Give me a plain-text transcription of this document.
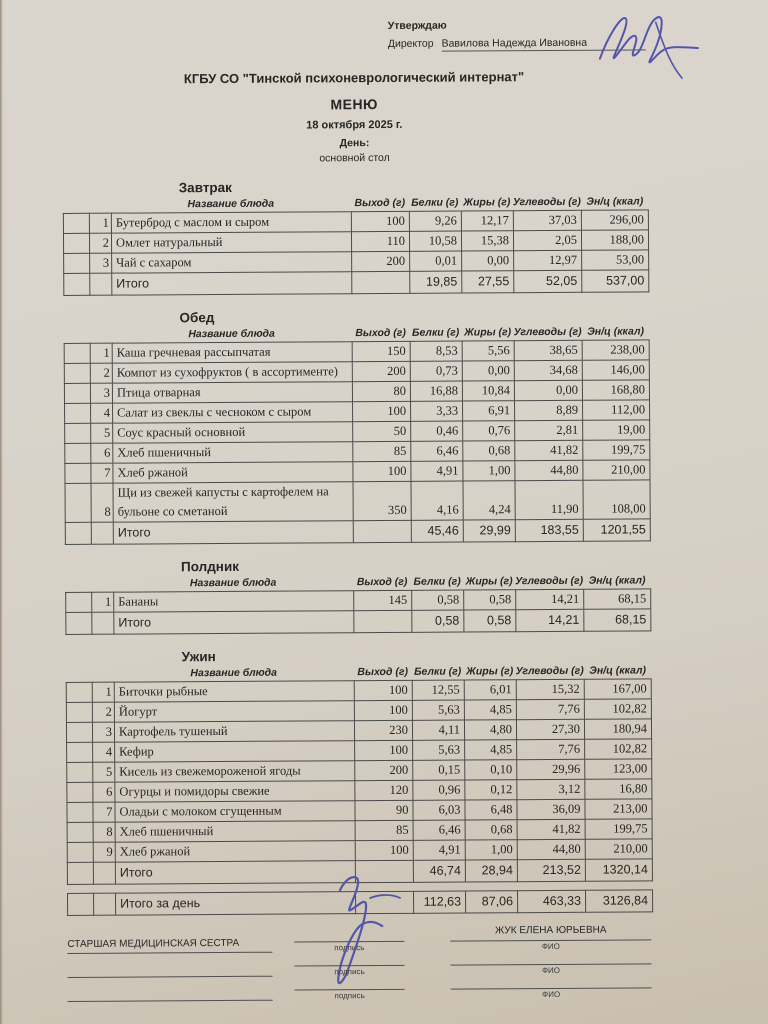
Утверждаю
Директор Вавилова Надежда Ивановна
КГБУ СО "Тинской психоневрологический интернат"
МЕНЮ
18 октября 2025 г.
День:
основной стол
Завтрак
		Название блюда	Выход (г)	Белки (г)	Жиры (г)	Углеводы (г)	Эн/ц (ккал)
	1	Бутерброд с маслом и сыром	100	9,26	12,17	37,03	296,00
	2	Омлет натуральный	110	10,58	15,38	2,05	188,00
	3	Чай с сахаром	200	0,01	0,00	12,97	53,00
		Итого		19,85	27,55	52,05	537,00
Обед
		Название блюда	Выход (г)	Белки (г)	Жиры (г)	Углеводы (г)	Эн/ц (ккал)
	1	Каша гречневая рассыпчатая	150	8,53	5,56	38,65	238,00
	2	Компот из сухофруктов ( в ассортименте)	200	0,73	0,00	34,68	146,00
	3	Птица отварная	80	16,88	10,84	0,00	168,80
	4	Салат из свеклы с чесноком с сыром	100	3,33	6,91	8,89	112,00
	5	Соус красный основной	50	0,46	0,76	2,81	19,00
	6	Хлеб пшеничный	85	6,46	0,68	41,82	199,75
	7	Хлеб ржаной	100	4,91	1,00	44,80	210,00
	8	Щи из свежей капусты с картофелем на бульоне со сметаной	350	4,16	4,24	11,90	108,00
		Итого		45,46	29,99	183,55	1201,55
Полдник
		Название блюда	Выход (г)	Белки (г)	Жиры (г)	Углеводы (г)	Эн/ц (ккал)
	1	Бананы	145	0,58	0,58	14,21	68,15
		Итого		0,58	0,58	14,21	68,15
Ужин
		Название блюда	Выход (г)	Белки (г)	Жиры (г)	Углеводы (г)	Эн/ц (ккал)
	1	Биточки рыбные	100	12,55	6,01	15,32	167,00
	2	Йогурт	100	5,63	4,85	7,76	102,82
	3	Картофель тушеный	230	4,11	4,80	27,30	180,94
	4	Кефир	100	5,63	4,85	7,76	102,82
	5	Кисель из свежемороженой ягоды	200	0,15	0,10	29,96	123,00
	6	Огурцы и помидоры свежие	120	0,96	0,12	3,12	16,80
	7	Оладьи с молоком сгущенным	90	6,03	6,48	36,09	213,00
	8	Хлеб пшеничный	85	6,46	0,68	41,82	199,75
	9	Хлеб ржаной	100	4,91	1,00	44,80	210,00
		Итого		46,74	28,94	213,52	1320,14
		Итого за день		112,63	87,06	463,33	3126,84
СТАРШАЯ МЕДИЦИНСКАЯ СЕСТРА	подпись
ЖУК ЕЛЕНА ЮРЬЕВНА
ФИО
подпись	ФИО
подпись	ФИО
